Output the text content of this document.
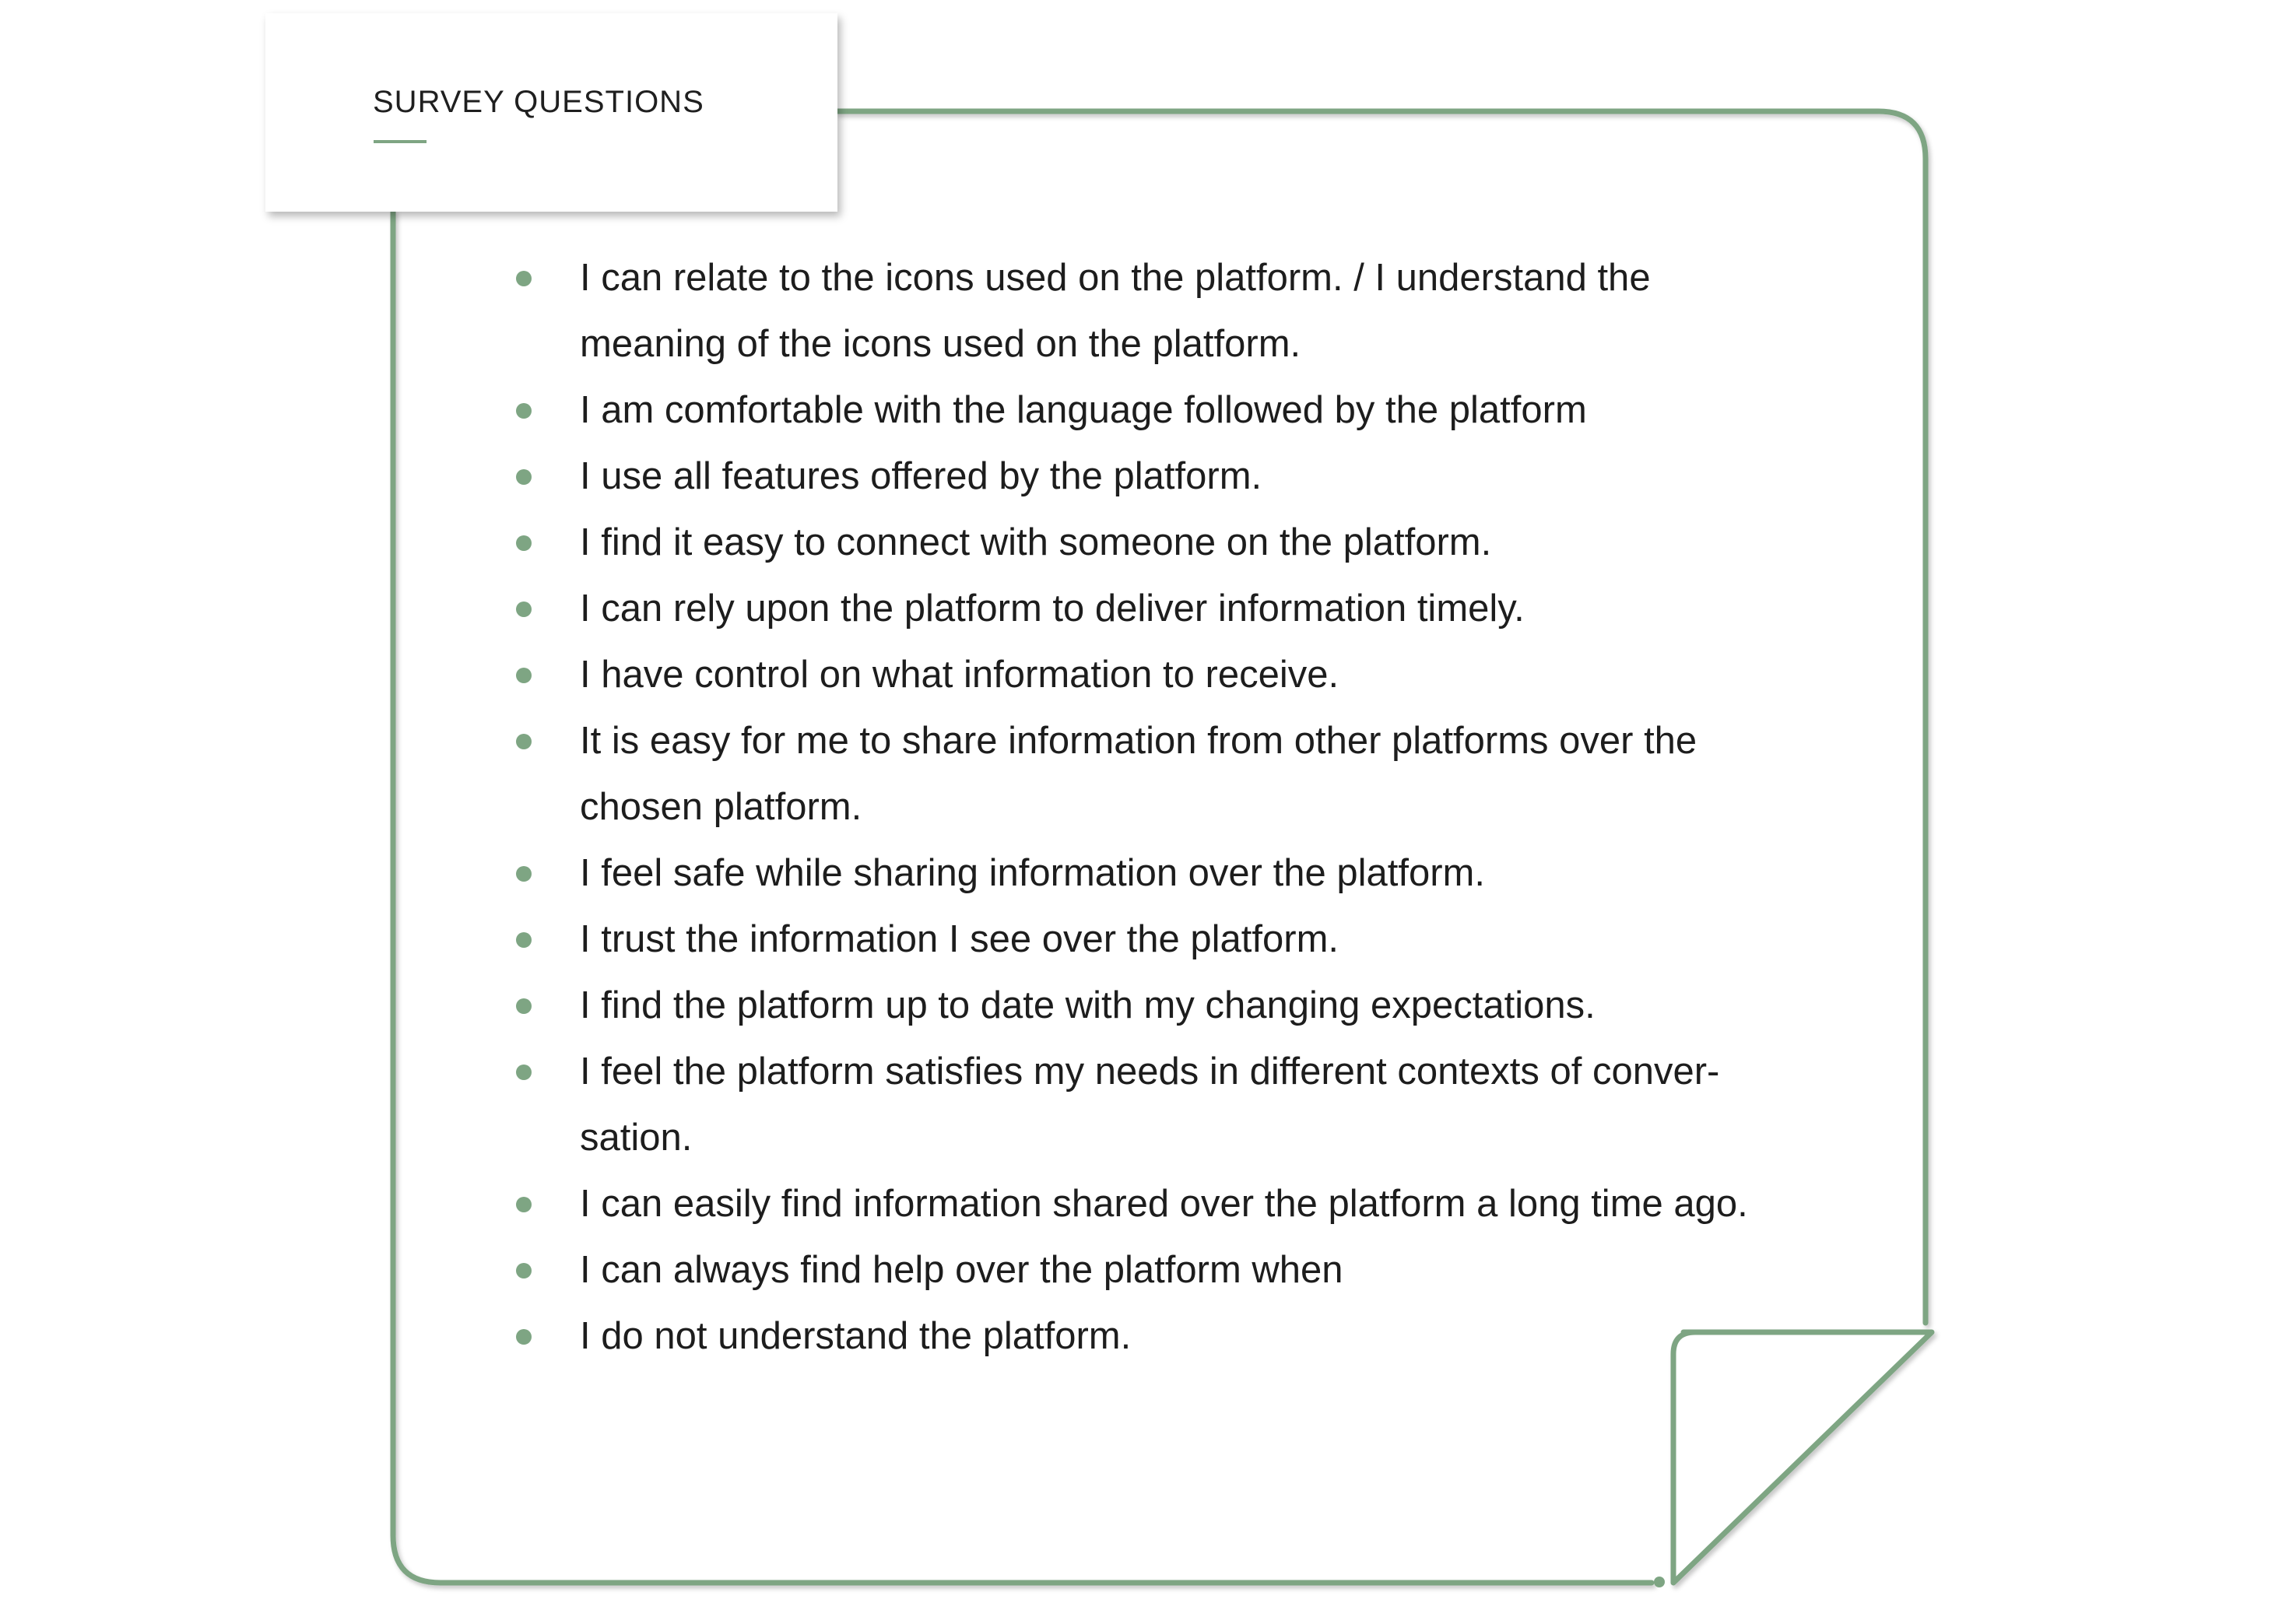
SURVEY QUESTIONS
I can relate to the icons used on the platform. / I understand the meaning of the icons used on the platform.
I am comfortable with the language followed by the platform
I use all features offered by the platform.
I find it easy to connect with someone on the platform.
I can rely upon the platform to deliver information timely.
I have control on what information to receive.
It is easy for me to share information from other platforms over the chosen platform.
I feel safe while sharing information over the platform.
I trust the information I see over the platform.
I find the platform up to date with my changing expectations.
I feel the platform satisfies my needs in different contexts of conver-sation.
I can easily find information shared over the platform a long time ago.
I can always find help over the platform when
I do not understand the platform.
